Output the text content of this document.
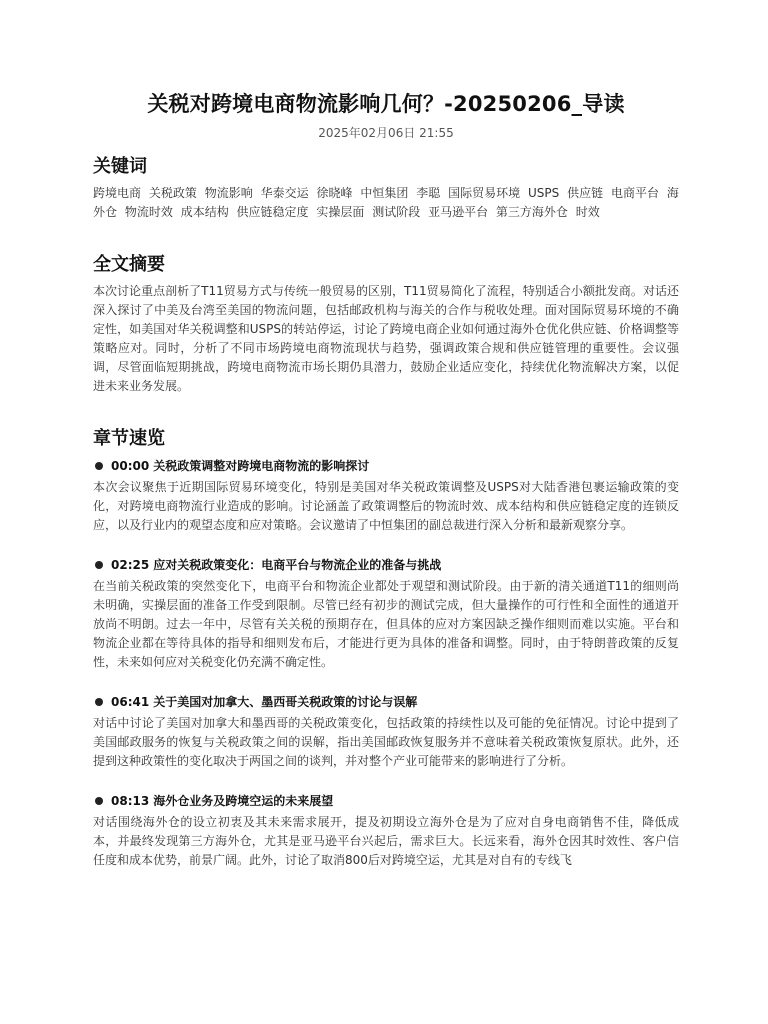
关税对跨境电商物流影响几何？-20250206_导读

2025年02月06日 21:55

关键词

跨境电商 关税政策 物流影响 华泰交运 徐晓峰 中恒集团 李聪 国际贸易环境 USPS 供应链 电商平台 海外仓 物流时效 成本结构 供应链稳定度 实操层面 测试阶段 亚马逊平台 第三方海外仓 时效

全文摘要

本次讨论重点剖析了T11贸易方式与传统一般贸易的区别，T11贸易简化了流程，特别适合小额批发商。对话还深入探讨了中美及台湾至美国的物流问题，包括邮政机构与海关的合作与税收处理。面对国际贸易环境的不确定性，如美国对华关税调整和USPS的转站停运，讨论了跨境电商企业如何通过海外仓优化供应链、价格调整等策略应对。同时，分析了不同市场跨境电商物流现状与趋势，强调政策合规和供应链管理的重要性。会议强调，尽管面临短期挑战，跨境电商物流市场长期仍具潜力，鼓励企业适应变化，持续优化物流解决方案，以促进未来业务发展。

章节速览
00:00 关税政策调整对跨境电商物流的影响探讨

本次会议聚焦于近期国际贸易环境变化，特别是美国对华关税政策调整及USPS对大陆香港包裹运输政策的变化，对跨境电商物流行业造成的影响。讨论涵盖了政策调整后的物流时效、成本结构和供应链稳定度的连锁反应，以及行业内的观望态度和应对策略。会议邀请了中恒集团的副总裁进行深入分析和最新观察分享。

02:25 应对关税政策变化：电商平台与物流企业的准备与挑战

在当前关税政策的突然变化下，电商平台和物流企业都处于观望和测试阶段。由于新的清关通道T11的细则尚未明确，实操层面的准备工作受到限制。尽管已经有初步的测试完成，但大量操作的可行性和全面性的通道开放尚不明朗。过去一年中，尽管有关关税的预期存在，但具体的应对方案因缺乏操作细则而难以实施。平台和物流企业都在等待具体的指导和细则发布后，才能进行更为具体的准备和调整。同时，由于特朗普政策的反复性，未来如何应对关税变化仍充满不确定性。

06:41 关于美国对加拿大、墨西哥关税政策的讨论与误解

对话中讨论了美国对加拿大和墨西哥的关税政策变化，包括政策的持续性以及可能的免征情况。讨论中提到了美国邮政服务的恢复与关税政策之间的误解，指出美国邮政恢复服务并不意味着关税政策恢复原状。此外，还提到这种政策性的变化取决于两国之间的谈判，并对整个产业可能带来的影响进行了分析。

08:13 海外仓业务及跨境空运的未来展望

对话围绕海外仓的设立初衷及其未来需求展开，提及初期设立海外仓是为了应对自身电商销售不佳，降低成本，并最终发现第三方海外仓，尤其是亚马逊平台兴起后，需求巨大。长远来看，海外仓因其时效性、客户信任度和成本优势，前景广阔。此外，讨论了取消800后对跨境空运，尤其是对自有的专线飞
